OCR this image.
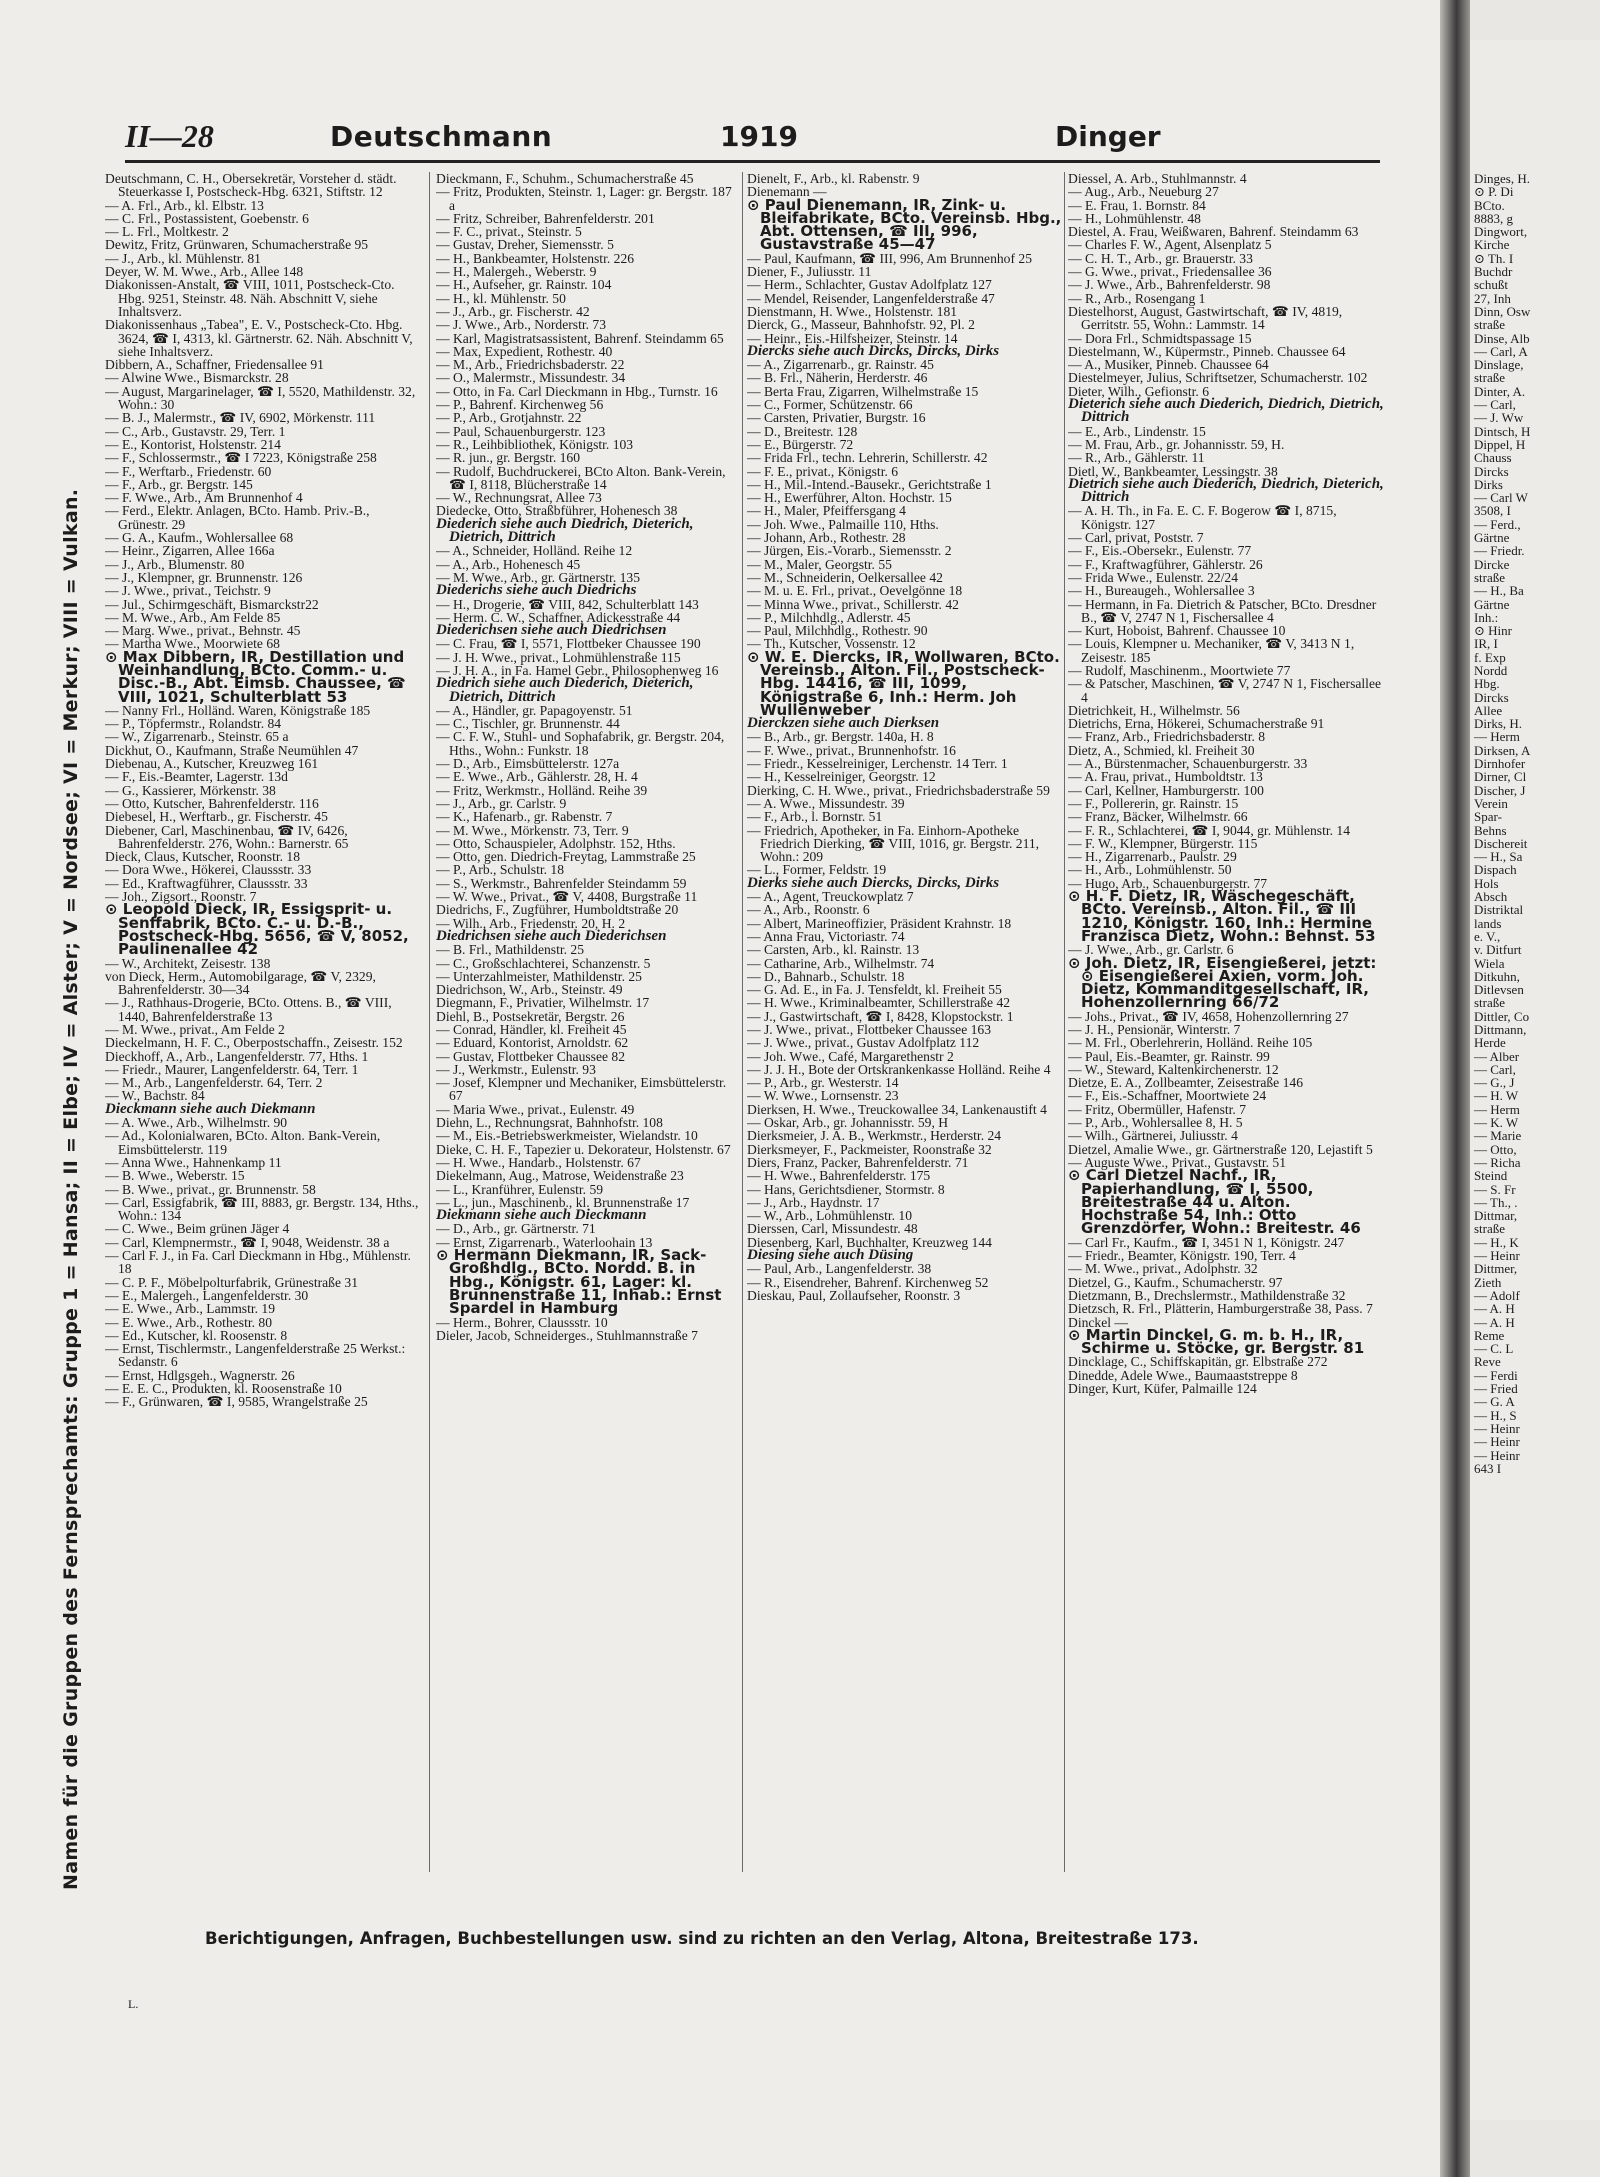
II—28	Deutschmann	1919	Dinger
Namen für die Gruppen des Fernsprechamts: Gruppe 1 = Hansa; II = Elbe; IV = Alster; V = Nordsee; VI = Merkur; VIII = Vulkan.

Deutschmann, C. H., Obersekretär, Vorsteher d. städt. Steuerkasse I, Postscheck-Hbg. 6321, Stiftstr. 12

— A. Frl., Arb., kl. Elbstr. 13

— C. Frl., Postassistent, Goebenstr. 6

— L. Frl., Moltkestr. 2

Dewitz, Fritz, Grünwaren, Schumacherstraße 95

— J., Arb., kl. Mühlenstr. 81

Deyer, W. M. Wwe., Arb., Allee 148

Diakonissen-Anstalt, ☎ VIII, 1011, Postscheck-Cto. Hbg. 9251, Steinstr. 48. Näh. Abschnitt V, siehe Inhaltsverz.

Diakonissenhaus „Tabea", E. V., Postscheck-Cto. Hbg. 3624, ☎ I, 4313, kl. Gärtnerstr. 62. Näh. Abschnitt V, siehe Inhaltsverz.

Dibbern, A., Schaffner, Friedensallee 91

— Alwine Wwe., Bismarckstr. 28

— August, Margarinelager, ☎ I, 5520, Mathildenstr. 32, Wohn.: 30

— B. J., Malermstr., ☎ IV, 6902, Mörkenstr. 111

— C., Arb., Gustavstr. 29, Terr. 1

— E., Kontorist, Holstenstr. 214

— F., Schlossermstr., ☎ I 7223, Königstraße 258

— F., Werftarb., Friedenstr. 60

— F., Arb., gr. Bergstr. 145

— F. Wwe., Arb., Am Brunnenhof 4

— Ferd., Elektr. Anlagen, BCto. Hamb. Priv.-B., Grünestr. 29

— G. A., Kaufm., Wohlersallee 68

— Heinr., Zigarren, Allee 166a

— J., Arb., Blumenstr. 80

— J., Klempner, gr. Brunnenstr. 126

— J. Wwe., privat., Teichstr. 9

— Jul., Schirmgeschäft, Bismarckstr22

— M. Wwe., Arb., Am Felde 85

— Marg. Wwe., privat., Behnstr. 45

— Martha Wwe., Moorwiete 68

⊙ Max Dibbern, IR, Destillation und Weinhandlung, BCto. Comm.- u. Disc.-B., Abt. Eimsb. Chaussee, ☎ VIII, 1021, Schulterblatt 53

— Nanny Frl., Holländ. Waren, Königstraße 185

— P., Töpfermstr., Rolandstr. 84

— W., Zigarrenarb., Steinstr. 65 a

Dickhut, O., Kaufmann, Straße Neumühlen 47

Diebenau, A., Kutscher, Kreuzweg 161

— F., Eis.-Beamter, Lagerstr. 13d

— G., Kassierer, Mörkenstr. 38

— Otto, Kutscher, Bahrenfelderstr. 116

Diebesel, H., Werftarb., gr. Fischerstr. 45

Diebener, Carl, Maschinenbau, ☎ IV, 6426, Bahrenfelderstr. 276, Wohn.: Barnerstr. 65

Dieck, Claus, Kutscher, Roonstr. 18

— Dora Wwe., Hökerei, Claussstr. 33

— Ed., Kraftwagführer, Claussstr. 33

— Joh., Zigsort., Roonstr. 7

⊙ Leopold Dieck, IR, Essigsprit- u. Senffabrik, BCto. C.- u. D.-B., Postscheck-Hbg. 5656, ☎ V, 8052, Paulinenallee 42

— W., Architekt, Zeisestr. 138

von Dieck, Herm., Automobilgarage, ☎ V, 2329, Bahrenfelderstr. 30—34

— J., Rathhaus-Drogerie, BCto. Ottens. B., ☎ VIII, 1440, Bahrenfelderstraße 13

— M. Wwe., privat., Am Felde 2

Dieckelmann, H. F. C., Oberpostschaffn., Zeisestr. 152

Dieckhoff, A., Arb., Langenfelderstr. 77, Hths. 1

— Friedr., Maurer, Langenfelderstr. 64, Terr. 1

— M., Arb., Langenfelderstr. 64, Terr. 2

— W., Bachstr. 84

Dieckmann siehe auch Diekmann

— A. Wwe., Arb., Wilhelmstr. 90

— Ad., Kolonialwaren, BCto. Alton. Bank-Verein, Eimsbüttelerstr. 119

— Anna Wwe., Hahnenkamp 11

— B. Wwe., Weberstr. 15

— B. Wwe., privat., gr. Brunnenstr. 58

— Carl, Essigfabrik, ☎ III, 8883, gr. Bergstr. 134, Hths., Wohn.: 134

— C. Wwe., Beim grünen Jäger 4

— Carl, Klempnermstr., ☎ I, 9048, Weidenstr. 38 a

— Carl F. J., in Fa. Carl Dieckmann in Hbg., Mühlenstr. 18

— C. P. F., Möbelpolturfabrik, Grünestraße 31

— E., Malergeh., Langenfelderstr. 30

— E. Wwe., Arb., Lammstr. 19

— E. Wwe., Arb., Rothestr. 80

— Ed., Kutscher, kl. Roosenstr. 8

— Ernst, Tischlermstr., Langenfelderstraße 25 Werkst.: Sedanstr. 6

— Ernst, Hdlgsgeh., Wagnerstr. 26

— E. E. C., Produkten, kl. Roosenstraße 10

— F., Grünwaren, ☎ I, 9585, Wrangelstraße 25

Dieckmann, F., Schuhm., Schumacherstraße 45

— Fritz, Produkten, Steinstr. 1, Lager: gr. Bergstr. 187 a

— Fritz, Schreiber, Bahrenfelderstr. 201

— F. C., privat., Steinstr. 5

— Gustav, Dreher, Siemensstr. 5

— H., Bankbeamter, Holstenstr. 226

— H., Malergeh., Weberstr. 9

— H., Aufseher, gr. Rainstr. 104

— H., kl. Mühlenstr. 50

— J., Arb., gr. Fischerstr. 42

— J. Wwe., Arb., Norderstr. 73

— Karl, Magistratsassistent, Bahrenf. Steindamm 65

— Max, Expedient, Rothestr. 40

— M., Arb., Friedrichsbaderstr. 22

— O., Malermstr., Missundestr. 34

— Otto, in Fa. Carl Dieckmann in Hbg., Turnstr. 16

— P., Bahrenf. Kirchenweg 56

— P., Arb., Grotjahnstr. 22

— Paul, Schauenburgerstr. 123

— R., Leihbibliothek, Königstr. 103

— R. jun., gr. Bergstr. 160

— Rudolf, Buchdruckerei, BCto Alton. Bank-Verein, ☎ I, 8118, Blücherstraße 14

— W., Rechnungsrat, Allee 73

Diedecke, Otto, Straßbführer, Hohenesch 38

Diederich siehe auch Diedrich, Dieterich, Dietrich, Dittrich

— A., Schneider, Holländ. Reihe 12

— A., Arb., Hohenesch 45

— M. Wwe., Arb., gr. Gärtnerstr. 135

Diederichs siehe auch Diedrichs

— H., Drogerie, ☎ VIII, 842, Schulterblatt 143

— Herm. C. W., Schaffner, Adickesstraße 44

Diederichsen siehe auch Diedrichsen

— C. Frau, ☎ I, 5571, Flottbeker Chaussee 190

— J. H. Wwe., privat., Lohmühlenstraße 115

— J. H. A., in Fa. Hamel Gebr., Philosophenweg 16

Diedrich siehe auch Diederich, Dieterich, Dietrich, Dittrich

— A., Händler, gr. Papagoyenstr. 51

— C., Tischler, gr. Brunnenstr. 44

— C. F. W., Stuhl- und Sophafabrik, gr. Bergstr. 204, Hths., Wohn.: Funkstr. 18

— D., Arb., Eimsbüttelerstr. 127a

— E. Wwe., Arb., Gählerstr. 28, H. 4

— Fritz, Werkmstr., Holländ. Reihe 39

— J., Arb., gr. Carlstr. 9

— K., Hafenarb., gr. Rabenstr. 7

— M. Wwe., Mörkenstr. 73, Terr. 9

— Otto, Schauspieler, Adolphstr. 152, Hths.

— Otto, gen. Diedrich-Freytag, Lammstraße 25

— P., Arb., Schulstr. 18

— S., Werkmstr., Bahrenfelder Steindamm 59

— W. Wwe., Privat., ☎ V, 4408, Burgstraße 11

Diedrichs, F., Zugführer, Humboldtstraße 20

— Wilh., Arb., Friedenstr. 20, H. 2

Diedrichsen siehe auch Diederichsen

— B. Frl., Mathildenstr. 25

— C., Großschlachterei, Schanzenstr. 5

— Unterzahlmeister, Mathildenstr. 25

Diedrichson, W., Arb., Steinstr. 49

Diegmann, F., Privatier, Wilhelmstr. 17

Diehl, B., Postsekretär, Bergstr. 26

— Conrad, Händler, kl. Freiheit 45

— Eduard, Kontorist, Arnoldstr. 62

— Gustav, Flottbeker Chaussee 82

— J., Werkmstr., Eulenstr. 93

— Josef, Klempner und Mechaniker, Eimsbüttelerstr. 67

— Maria Wwe., privat., Eulenstr. 49

Diehn, L., Rechnungsrat, Bahnhofstr. 108

— M., Eis.-Betriebswerkmeister, Wielandstr. 10

Dieke, C. H. F., Tapezier u. Dekorateur, Holstenstr. 67

— H. Wwe., Handarb., Holstenstr. 67

Diekelmann, Aug., Matrose, Weidenstraße 23

— L., Kranführer, Eulenstr. 59

— L., jun., Maschinenb., kl. Brunnenstraße 17

Diekmann siehe auch Dieckmann

— D., Arb., gr. Gärtnerstr. 71

— Ernst, Zigarrenarb., Waterloohain 13

⊙ Hermann Diekmann, IR, Sack-Großhdlg., BCto. Nordd. B. in Hbg., Königstr. 61, Lager: kl. Brunnenstraße 11, Inhab.: Ernst Spardel in Hamburg

— Herm., Bohrer, Claussstr. 10

Dieler, Jacob, Schneiderges., Stuhlmannstraße 7

Dienelt, F., Arb., kl. Rabenstr. 9

Dienemann —

⊙ Paul Dienemann, IR, Zink- u. Bleifabrikate, BCto. Vereinsb. Hbg., Abt. Ottensen, ☎ III, 996, Gustavstraße 45—47

— Paul, Kaufmann, ☎ III, 996, Am Brunnenhof 25

Diener, F., Juliusstr. 11

— Herm., Schlachter, Gustav Adolfplatz 127

— Mendel, Reisender, Langenfelderstraße 47

Dienstmann, H. Wwe., Holstenstr. 181

Dierck, G., Masseur, Bahnhofstr. 92, Pl. 2

— Heinr., Eis.-Hilfsheizer, Steinstr. 14

Diercks siehe auch Dircks, Dircks, Dirks

— A., Zigarrenarb., gr. Rainstr. 45

— B. Frl., Näherin, Herderstr. 46

— Berta Frau, Zigarren, Wilhelmstraße 15

— C., Former, Schützenstr. 66

— Carsten, Privatier, Burgstr. 16

— D., Breitestr. 128

— E., Bürgerstr. 72

— Frida Frl., techn. Lehrerin, Schillerstr. 42

— F. E., privat., Königstr. 6

— H., Mil.-Intend.-Bausekr., Gerichtstraße 1

— H., Ewerführer, Alton. Hochstr. 15

— H., Maler, Pfeiffersgang 4

— Joh. Wwe., Palmaille 110, Hths.

— Johann, Arb., Rothestr. 28

— Jürgen, Eis.-Vorarb., Siemensstr. 2

— M., Maler, Georgstr. 55

— M., Schneiderin, Oelkersallee 42

— M. u. E. Frl., privat., Oevelgönne 18

— Minna Wwe., privat., Schillerstr. 42

— P., Milchhdlg., Adlerstr. 45

— Paul, Milchhdlg., Rothestr. 90

— Th., Kutscher, Vossenstr. 12

⊙ W. E. Diercks, IR, Wollwaren, BCto. Vereinsb., Alton. Fil., Postscheck-Hbg. 14416, ☎ III, 1099, Königstraße 6, Inh.: Herm. Joh Wullenweber

Dierckzen siehe auch Dierksen

— B., Arb., gr. Bergstr. 140a, H. 8

— F. Wwe., privat., Brunnenhofstr. 16

— Friedr., Kesselreiniger, Lerchenstr. 14 Terr. 1

— H., Kesselreiniger, Georgstr. 12

Dierking, C. H. Wwe., privat., Friedrichsbaderstraße 59

— A. Wwe., Missundestr. 39

— F., Arb., l. Bornstr. 51

— Friedrich, Apotheker, in Fa. Einhorn-Apotheke Friedrich Dierking, ☎ VIII, 1016, gr. Bergstr. 211, Wohn.: 209

— L., Former, Feldstr. 19

Dierks siehe auch Diercks, Dircks, Dirks

— A., Agent, Treuckowplatz 7

— A., Arb., Roonstr. 6

— Albert, Marineoffizier, Präsident Krahnstr. 18

— Anna Frau, Victoriastr. 74

— Carsten, Arb., kl. Rainstr. 13

— Catharine, Arb., Wilhelmstr. 74

— D., Bahnarb., Schulstr. 18

— G. Ad. E., in Fa. J. Tensfeldt, kl. Freiheit 55

— H. Wwe., Kriminalbeamter, Schillerstraße 42

— J., Gastwirtschaft, ☎ I, 8428, Klopstockstr. 1

— J. Wwe., privat., Flottbeker Chaussee 163

— J. Wwe., privat., Gustav Adolfplatz 112

— Joh. Wwe., Café, Margarethenstr 2

— J. J. H., Bote der Ortskrankenkasse Holländ. Reihe 4

— P., Arb., gr. Westerstr. 14

— W. Wwe., Lornsenstr. 23

Dierksen, H. Wwe., Treuckowallee 34, Lankenaustift 4

— Oskar, Arb., gr. Johannisstr. 59, H

Dierksmeier, J. A. B., Werkmstr., Herderstr. 24

Dierksmeyer, F., Packmeister, Roonstraße 32

Diers, Franz, Packer, Bahrenfelderstr. 71

— H. Wwe., Bahrenfelderstr. 175

— Hans, Gerichtsdiener, Stormstr. 8

— J., Arb., Haydnstr. 17

— W., Arb., Lohmühlenstr. 10

Dierssen, Carl, Missundestr. 48

Diesenberg, Karl, Buchhalter, Kreuzweg 144

Diesing siehe auch Düsing

— Paul, Arb., Langenfelderstr. 38

— R., Eisendreher, Bahrenf. Kirchenweg 52

Dieskau, Paul, Zollaufseher, Roonstr. 3

Diessel, A. Arb., Stuhlmannstr. 4

— Aug., Arb., Neueburg 27

— E. Frau, 1. Bornstr. 84

— H., Lohmühlenstr. 48

Diestel, A. Frau, Weißwaren, Bahrenf. Steindamm 63

— Charles F. W., Agent, Alsenplatz 5

— C. H. T., Arb., gr. Brauerstr. 33

— G. Wwe., privat., Friedensallee 36

— J. Wwe., Arb., Bahrenfelderstr. 98

— R., Arb., Rosengang 1

Diestelhorst, August, Gastwirtschaft, ☎ IV, 4819, Gerritstr. 55, Wohn.: Lammstr. 14

— Dora Frl., Schmidtspassage 15

Diestelmann, W., Küpermstr., Pinneb. Chaussee 64

— A., Musiker, Pinneb. Chaussee 64

Diestelmeyer, Julius, Schriftsetzer, Schumacherstr. 102

Dieter, Wilh., Gefionstr. 6

Dieterich siehe auch Diederich, Diedrich, Dietrich, Dittrich

— E., Arb., Lindenstr. 15

— M. Frau, Arb., gr. Johannisstr. 59, H.

— R., Arb., Gählerstr. 11

Dietl, W., Bankbeamter, Lessingstr. 38

Dietrich siehe auch Diederich, Diedrich, Dieterich, Dittrich

— A. H. Th., in Fa. E. C. F. Bogerow ☎ I, 8715, Königstr. 127

— Carl, privat, Poststr. 7

— F., Eis.-Obersekr., Eulenstr. 77

— F., Kraftwagführer, Gählerstr. 26

— Frida Wwe., Eulenstr. 22/24

— H., Bureaugeh., Wohlersallee 3

— Hermann, in Fa. Dietrich & Patscher, BCto. Dresdner B., ☎ V, 2747 N 1, Fischersallee 4

— Kurt, Hoboist, Bahrenf. Chaussee 10

— Louis, Klempner u. Mechaniker, ☎ V, 3413 N 1, Zeisestr. 185

— Rudolf, Maschinenm., Moortwiete 77

— & Patscher, Maschinen, ☎ V, 2747 N 1, Fischersallee 4

Dietrichkeit, H., Wilhelmstr. 56

Dietrichs, Erna, Hökerei, Schumacherstraße 91

— Franz, Arb., Friedrichsbaderstr. 8

Dietz, A., Schmied, kl. Freiheit 30

— A., Bürstenmacher, Schauenburgerstr. 33

— A. Frau, privat., Humboldtstr. 13

— Carl, Kellner, Hamburgerstr. 100

— F., Pollererin, gr. Rainstr. 15

— Franz, Bäcker, Wilhelmstr. 66

— F. R., Schlachterei, ☎ I, 9044, gr. Mühlenstr. 14

— F. W., Klempner, Bürgerstr. 115

— H., Zigarrenarb., Paulstr. 29

— H., Arb., Lohmühlenstr. 50

— Hugo, Arb., Schauenburgerstr. 77

⊙ H. F. Dietz, IR, Wäschegeschäft, BCto. Vereinsb., Alton. Fil., ☎ III 1210, Königstr. 160, Inh.: Hermine Franzisca Dietz, Wohn.: Behnst. 53

— J. Wwe., Arb., gr. Carlstr. 6

⊙ Joh. Dietz, IR, Eisengießerei, jetzt: ⊙ Eisengießerei Axien, vorm. Joh. Dietz, Kommanditgesellschaft, IR, Hohenzollernring 66/72

— Johs., Privat., ☎ IV, 4658, Hohenzollernring 27

— J. H., Pensionär, Winterstr. 7

— M. Frl., Oberlehrerin, Holländ. Reihe 105

— Paul, Eis.-Beamter, gr. Rainstr. 99

— W., Steward, Kaltenkirchenerstr. 12

Dietze, E. A., Zollbeamter, Zeisestraße 146

— F., Eis.-Schaffner, Moortwiete 24

— Fritz, Obermüller, Hafenstr. 7

— P., Arb., Wohlersallee 8, H. 5

— Wilh., Gärtnerei, Juliusstr. 4

Dietzel, Amalie Wwe., gr. Gärtnerstraße 120, Lejastift 5

— Auguste Wwe., Privat., Gustavstr. 51

⊙ Carl Dietzel Nachf., IR, Papierhandlung, ☎ I, 5500, Breitestraße 44 u. Alton. Hochstraße 54, Inh.: Otto Grenzdörfer, Wohn.: Breitestr. 46

— Carl Fr., Kaufm., ☎ I, 3451 N 1, Königstr. 247

— Friedr., Beamter, Königstr. 190, Terr. 4

— M. Wwe., privat., Adolphstr. 32

Dietzel, G., Kaufm., Schumacherstr. 97

Dietzmann, B., Drechslermstr., Mathildenstraße 32

Dietzsch, R. Frl., Plätterin, Hamburgerstraße 38, Pass. 7

Dinckel —

⊙ Martin Dinckel, G. m. b. H., IR, Schirme u. Stöcke, gr. Bergstr. 81

Dincklage, C., Schiffskapitän, gr. Elbstraße 272

Dinedde, Adele Wwe., Baumaaststreppe 8

Dinger, Kurt, Küfer, Palmaille 124

Berichtigungen, Anfragen, Buchbestellungen usw. sind zu richten an den Verlag, Altona, Breitestraße 173.
L.
Dinges, H.
⊙ P. Di
BCto.
8883, g
Dingwort,
Kirche
⊙ Th. I
Buchdr
schußt
27, Inh
Dinn, Osw
straße
Dinse, Alb
— Carl, A
Dinslage,
straße
Dinter, A.
— Carl,
— J. Ww
Dintsch, H
Dippel, H
Chauss
Dircks
Dirks
— Carl W
3508, I
— Ferd.,
Gärtne
— Friedr.
Dircke
straße
— H., Ba
Gärtne
Inh.:
⊙ Hinr
IR, I
f. Exp
Nordd
Hbg.
Dircks
Allee
Dirks, H.
— Herm
Dirksen, A
Dirnhofer
Dirner, Cl
Discher, J
Verein
Spar-
Behns
Dischereit
— H., Sa
Dispach
Hols
Absch
Distriktal
lands
e. V.,
v. Ditfurt
Wiela
Ditkuhn,
Ditlevsen
straße
Dittler, Co
Dittmann,
Herde
— Alber
— Carl,
— G., J
— H. W
— Herm
— K. W
— Marie
— Otto,
— Richa
Steind
— S. Fr
— Th., .
Dittmar,
straße
— H., K
— Heinr
Dittmer,
Zieth
— Adolf
— A. H
— A. H
Reme
— C. L
Reve
— Ferdi
— Fried
— G. A
— H., S
— Heinr
— Heinr
— Heinr
643 I
